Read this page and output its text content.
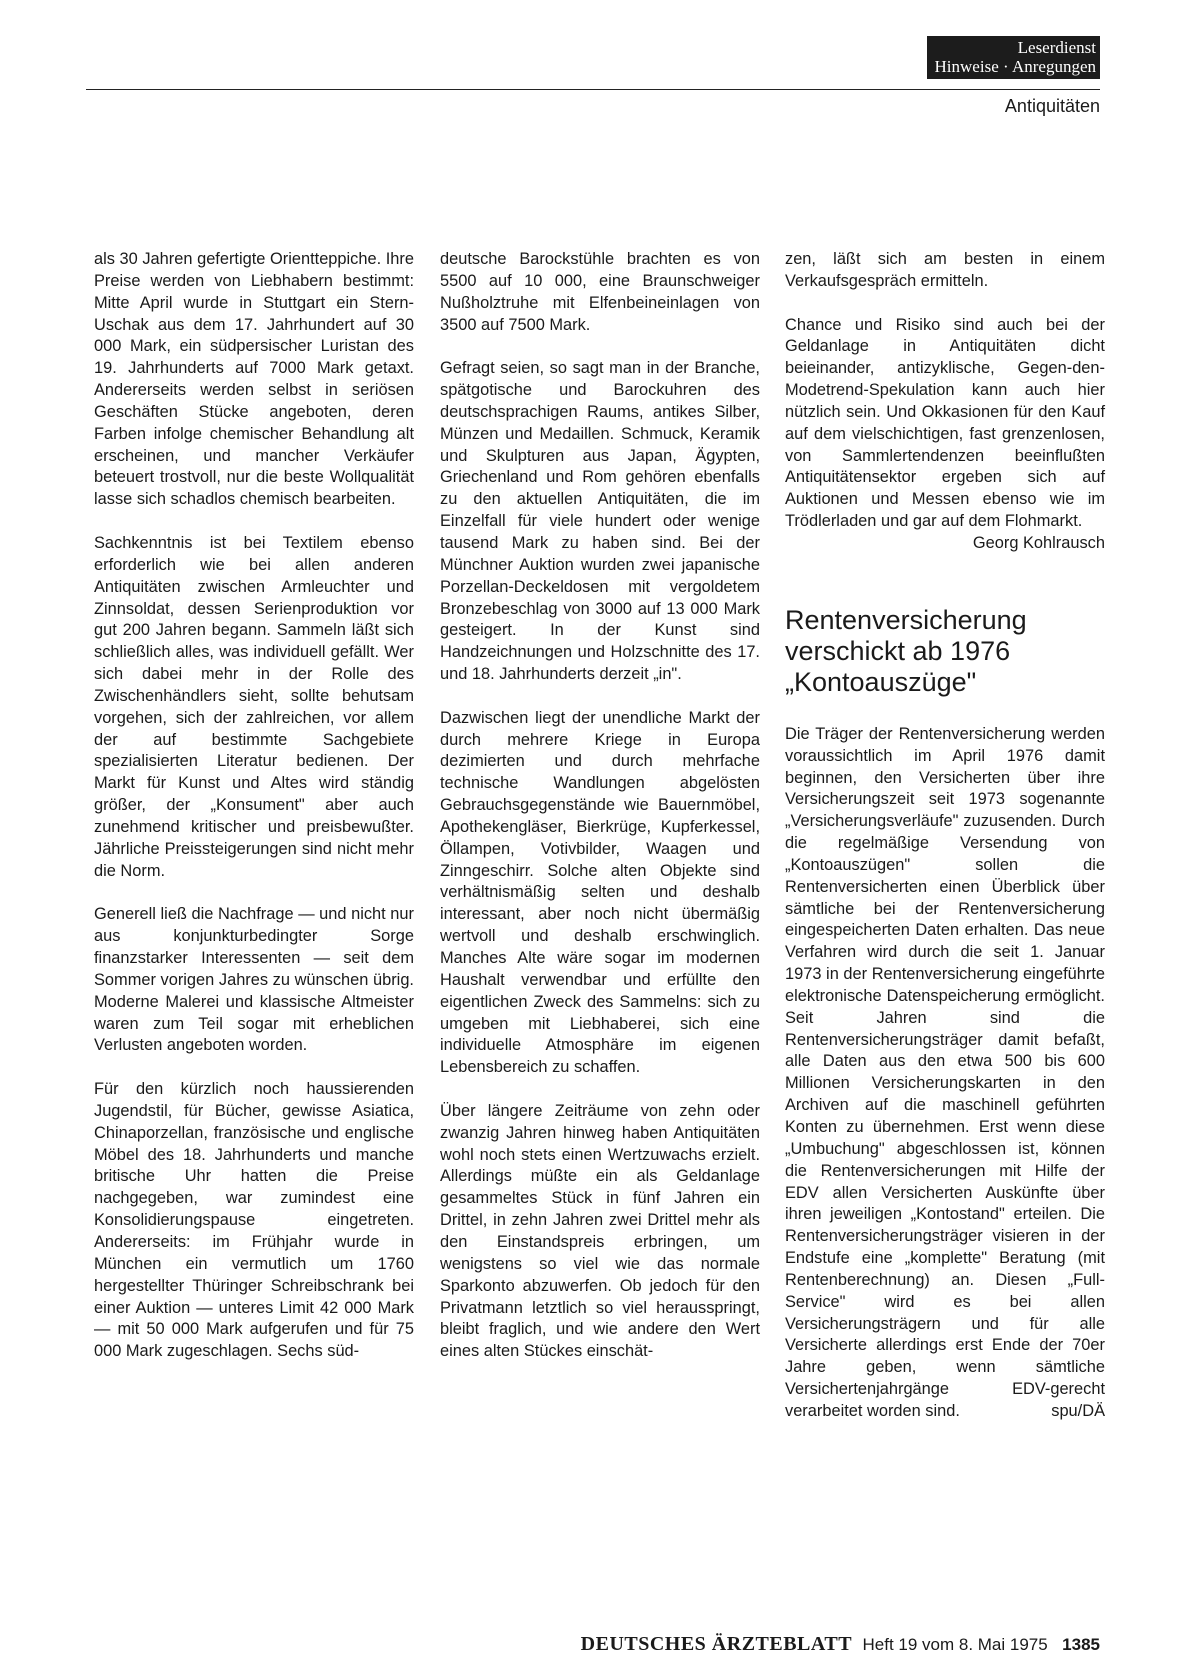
Leserdienst
Hinweise · Anregungen
Antiquitäten

als 30 Jahren gefertigte Orientteppiche. Ihre Preise werden von Liebhabern bestimmt: Mitte April wurde in Stuttgart ein Stern-Uschak aus dem 17. Jahrhundert auf 30 000 Mark, ein südpersischer Luristan des 19. Jahrhunderts auf 7000 Mark getaxt. Andererseits werden selbst in seriösen Geschäften Stücke angeboten, deren Farben infolge chemischer Behandlung alt erscheinen, und mancher Verkäufer beteuert trostvoll, nur die beste Wollqualität lasse sich schadlos chemisch bearbeiten.

Sachkenntnis ist bei Textilem ebenso erforderlich wie bei allen anderen Antiquitäten zwischen Armleuchter und Zinnsoldat, dessen Serienproduktion vor gut 200 Jahren begann. Sammeln läßt sich schließlich alles, was individuell gefällt. Wer sich dabei mehr in der Rolle des Zwischenhändlers sieht, sollte behutsam vorgehen, sich der zahlreichen, vor allem der auf bestimmte Sachgebiete spezialisierten Literatur bedienen. Der Markt für Kunst und Altes wird ständig größer, der „Konsument" aber auch zunehmend kritischer und preisbewußter. Jährliche Preissteigerungen sind nicht mehr die Norm.

Generell ließ die Nachfrage — und nicht nur aus konjunkturbedingter Sorge finanzstarker Interessenten — seit dem Sommer vorigen Jahres zu wünschen übrig. Moderne Malerei und klassische Altmeister waren zum Teil sogar mit erheblichen Verlusten angeboten worden.

Für den kürzlich noch haussierenden Jugendstil, für Bücher, gewisse Asiatica, Chinaporzellan, französische und englische Möbel des 18. Jahrhunderts und manche britische Uhr hatten die Preise nachgegeben, war zumindest eine Konsolidierungspause eingetreten. Andererseits: im Frühjahr wurde in München ein vermutlich um 1760 hergestellter Thüringer Schreibschrank bei einer Auktion — unteres Limit 42 000 Mark — mit 50 000 Mark aufgerufen und für 75 000 Mark zugeschlagen. Sechs süd-

deutsche Barockstühle brachten es von 5500 auf 10 000, eine Braunschweiger Nußholztruhe mit Elfenbeineinlagen von 3500 auf 7500 Mark.

Gefragt seien, so sagt man in der Branche, spätgotische und Barockuhren des deutschsprachigen Raums, antikes Silber, Münzen und Medaillen. Schmuck, Keramik und Skulpturen aus Japan, Ägypten, Griechenland und Rom gehören ebenfalls zu den aktuellen Antiquitäten, die im Einzelfall für viele hundert oder wenige tausend Mark zu haben sind. Bei der Münchner Auktion wurden zwei japanische Porzellan-Deckeldosen mit vergoldetem Bronzebeschlag von 3000 auf 13 000 Mark gesteigert. In der Kunst sind Handzeichnungen und Holzschnitte des 17. und 18. Jahrhunderts derzeit „in".

Dazwischen liegt der unendliche Markt der durch mehrere Kriege in Europa dezimierten und durch mehrfache technische Wandlungen abgelösten Gebrauchsgegenstände wie Bauernmöbel, Apothekengläser, Bierkrüge, Kupferkessel, Öllampen, Votivbilder, Waagen und Zinngeschirr. Solche alten Objekte sind verhältnismäßig selten und deshalb interessant, aber noch nicht übermäßig wertvoll und deshalb erschwinglich. Manches Alte wäre sogar im modernen Haushalt verwendbar und erfüllte den eigentlichen Zweck des Sammelns: sich zu umgeben mit Liebhaberei, sich eine individuelle Atmosphäre im eigenen Lebensbereich zu schaffen.

Über längere Zeiträume von zehn oder zwanzig Jahren hinweg haben Antiquitäten wohl noch stets einen Wertzuwachs erzielt. Allerdings müßte ein als Geldanlage gesammeltes Stück in fünf Jahren ein Drittel, in zehn Jahren zwei Drittel mehr als den Einstandspreis erbringen, um wenigstens so viel wie das normale Sparkonto abzuwerfen. Ob jedoch für den Privatmann letztlich so viel herausspringt, bleibt fraglich, und wie andere den Wert eines alten Stückes einschät-

zen, läßt sich am besten in einem Verkaufsgespräch ermitteln.

Chance und Risiko sind auch bei der Geldanlage in Antiquitäten dicht beieinander, antizyklische, Gegen-den-Modetrend-Spekulation kann auch hier nützlich sein. Und Okkasionen für den Kauf auf dem vielschichtigen, fast grenzenlosen, von Sammlertendenzen beeinflußten Antiquitätensektor ergeben sich auf Auktionen und Messen ebenso wie im Trödlerladen und gar auf dem Flohmarkt.

Georg Kohlrausch
Rentenversicherung
verschickt ab 1976
„Kontoauszüge"

Die Träger der Rentenversicherung werden voraussichtlich im April 1976 damit beginnen, den Versicherten über ihre Versicherungszeit seit 1973 sogenannte „Versicherungsverläufe" zuzusenden. Durch die regelmäßige Versendung von „Kontoauszügen" sollen die Rentenversicherten einen Überblick über sämtliche bei der Rentenversicherung eingespeicherten Daten erhalten. Das neue Verfahren wird durch die seit 1. Januar 1973 in der Rentenversicherung eingeführte elektronische Datenspeicherung ermöglicht. Seit Jahren sind die Rentenversicherungsträger damit befaßt, alle Daten aus den etwa 500 bis 600 Millionen Versicherungskarten in den Archiven auf die maschinell geführten Konten zu übernehmen. Erst wenn diese „Umbuchung" abgeschlossen ist, können die Rentenversicherungen mit Hilfe der EDV allen Versicherten Auskünfte über ihren jeweiligen „Kontostand" erteilen. Die Rentenversicherungsträger visieren in der Endstufe eine „komplette" Beratung (mit Rentenberechnung) an. Diesen „Full-Service" wird es bei allen Versicherungsträgern und für alle Versicherte allerdings erst Ende der 70er Jahre geben, wenn sämtliche Versichertenjahrgänge EDV-gerecht verarbeitet worden sind.	spu/DÄ

DEUTSCHES ÄRZTEBLATT Heft 19 vom 8. Mai 1975 1385
